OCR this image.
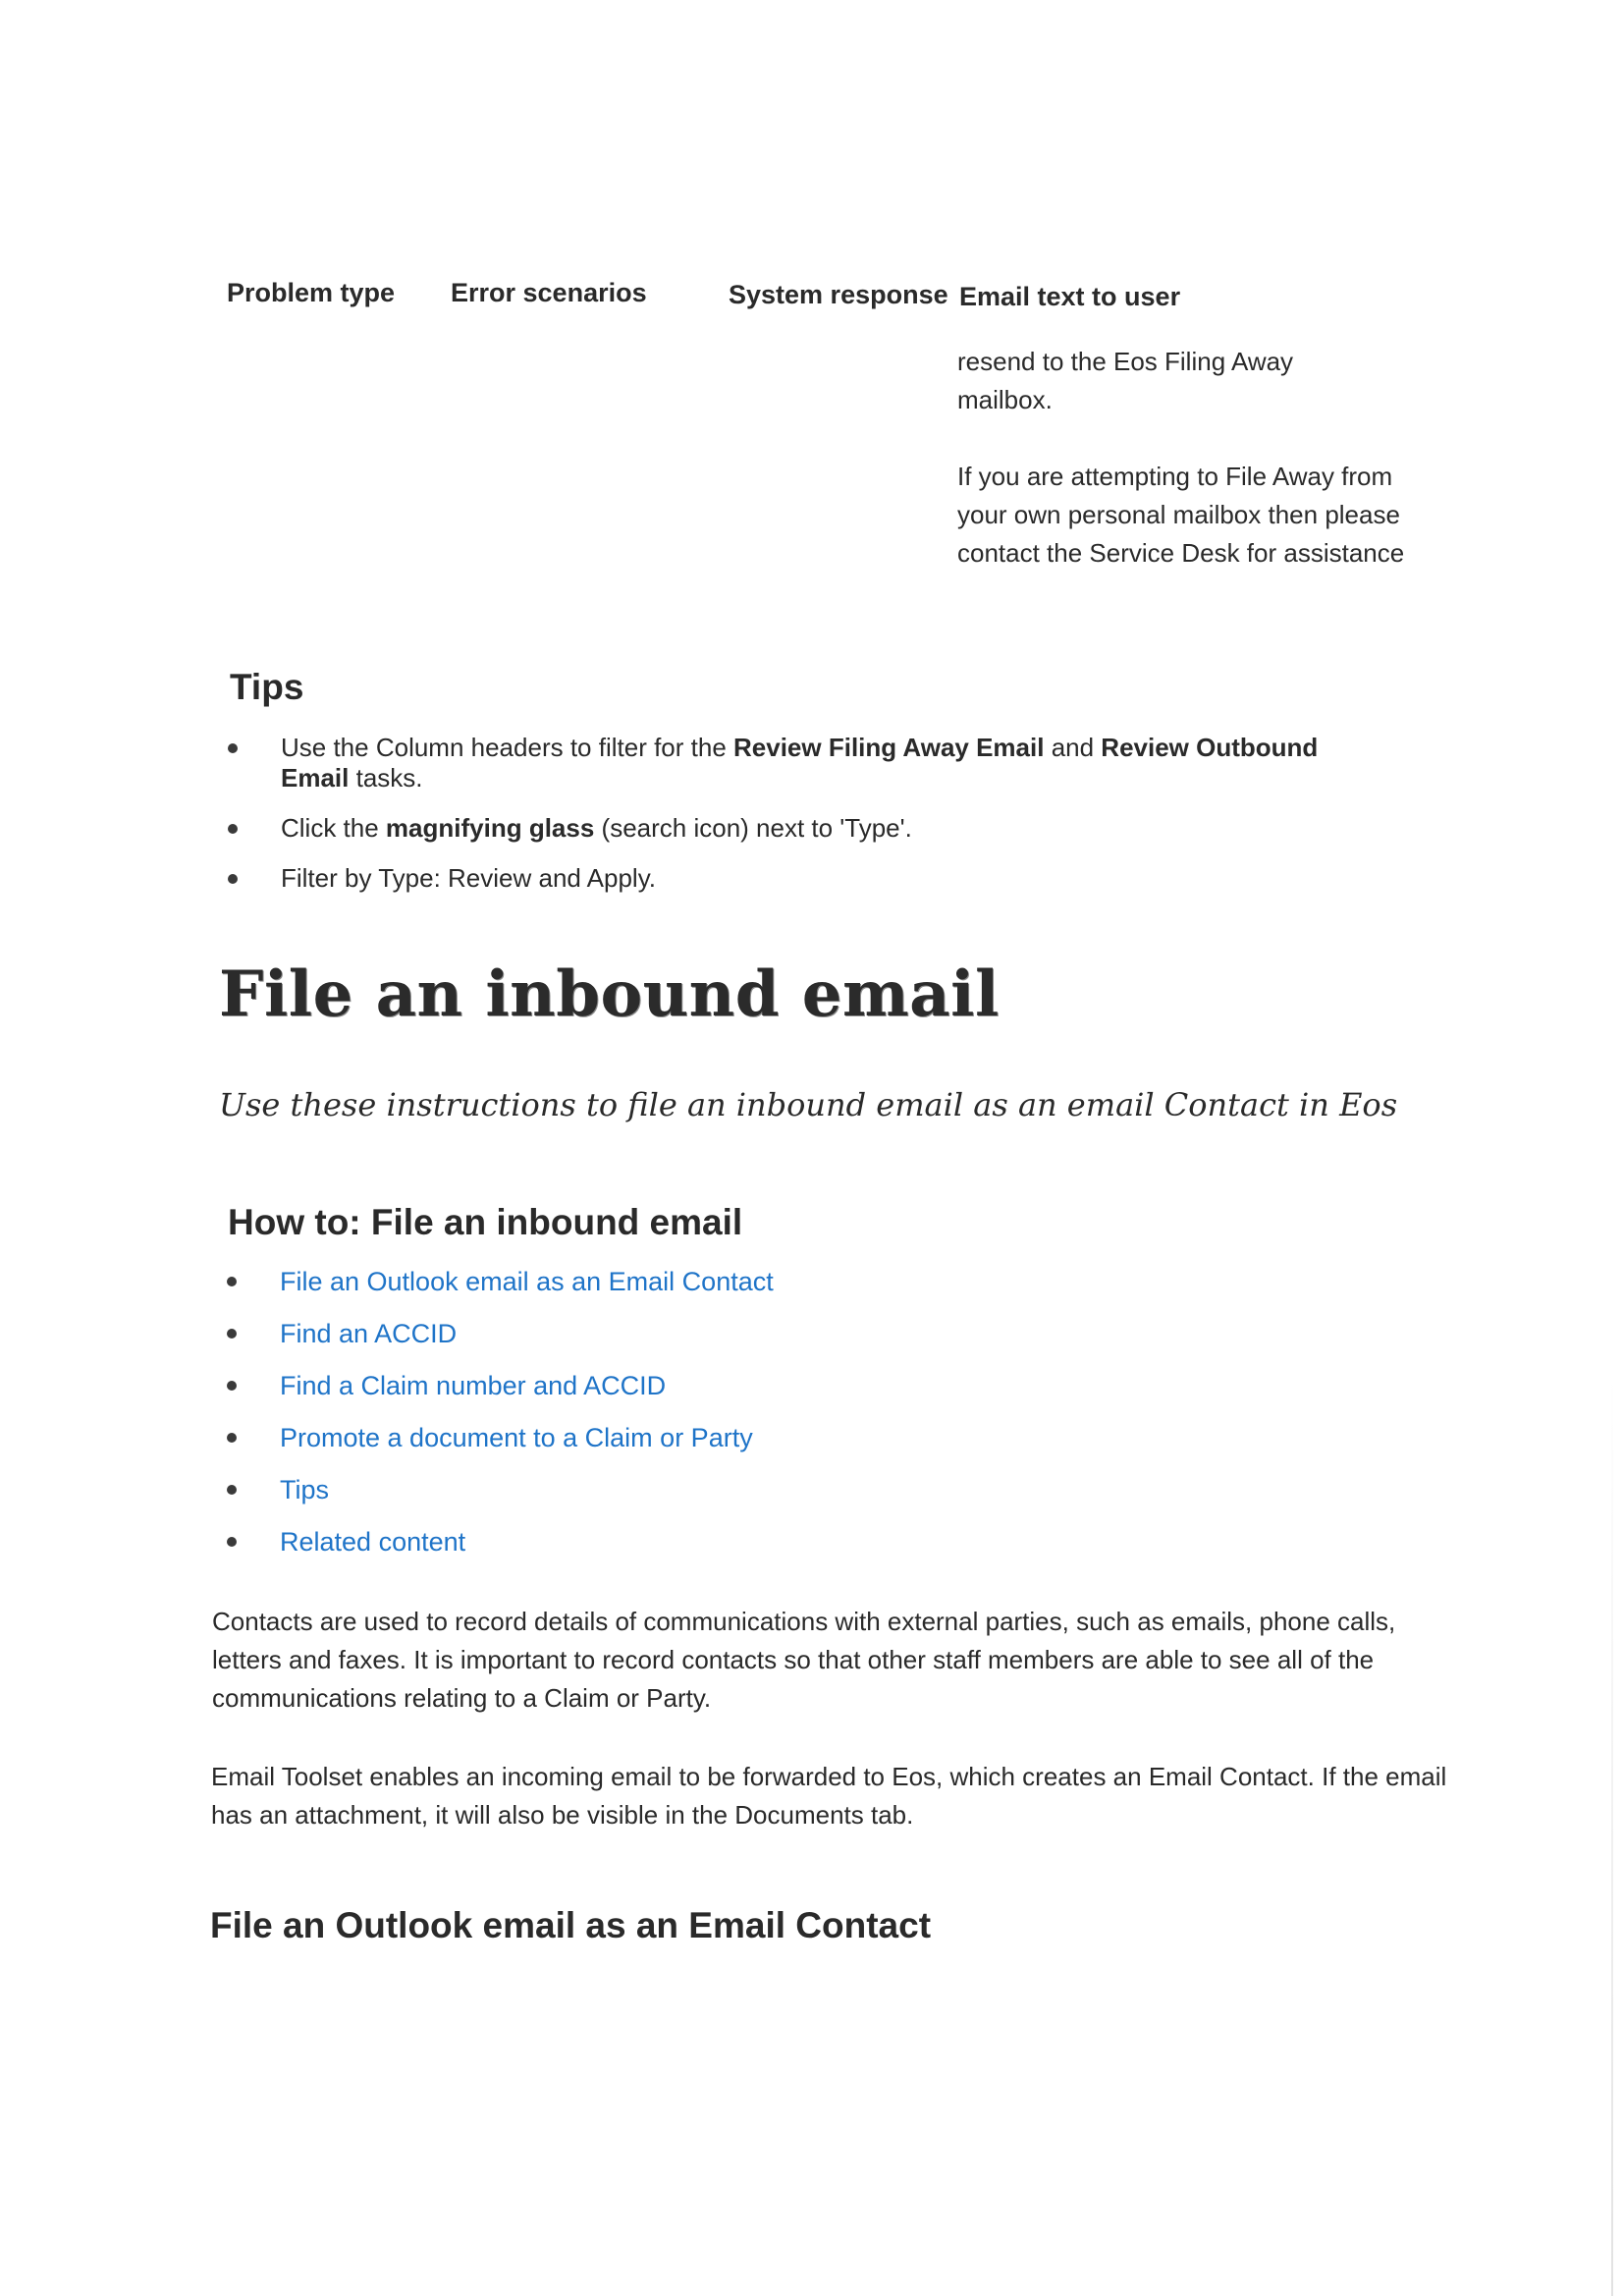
Problem type Error scenarios	System response Email text to user

resend to the Eos Filing Away mailbox.

If you are attempting to File Away from your own personal mailbox then please contact the Service Desk for assistance

Tips
Use the Column headers to filter for the Review Filing Away Email and Review Outbound Email tasks.
Click the magnifying glass (search icon) next to 'Type'.
Filter by Type: Review and Apply.
File an inbound email
Use these instructions to file an inbound email as an email Contact in Eos
How to: File an inbound email
File an Outlook email as an Email Contact
Find an ACCID
Find a Claim number and ACCID
Promote a document to a Claim or Party
Tips
Related content
Contacts are used to record details of communications with external parties, such as emails, phone calls, letters and faxes. It is important to record contacts so that other staff members are able to see all of the communications relating to a Claim or Party.
Email Toolset enables an incoming email to be forwarded to Eos, which creates an Email Contact. If the email has an attachment, it will also be visible in the Documents tab.
File an Outlook email as an Email Contact
